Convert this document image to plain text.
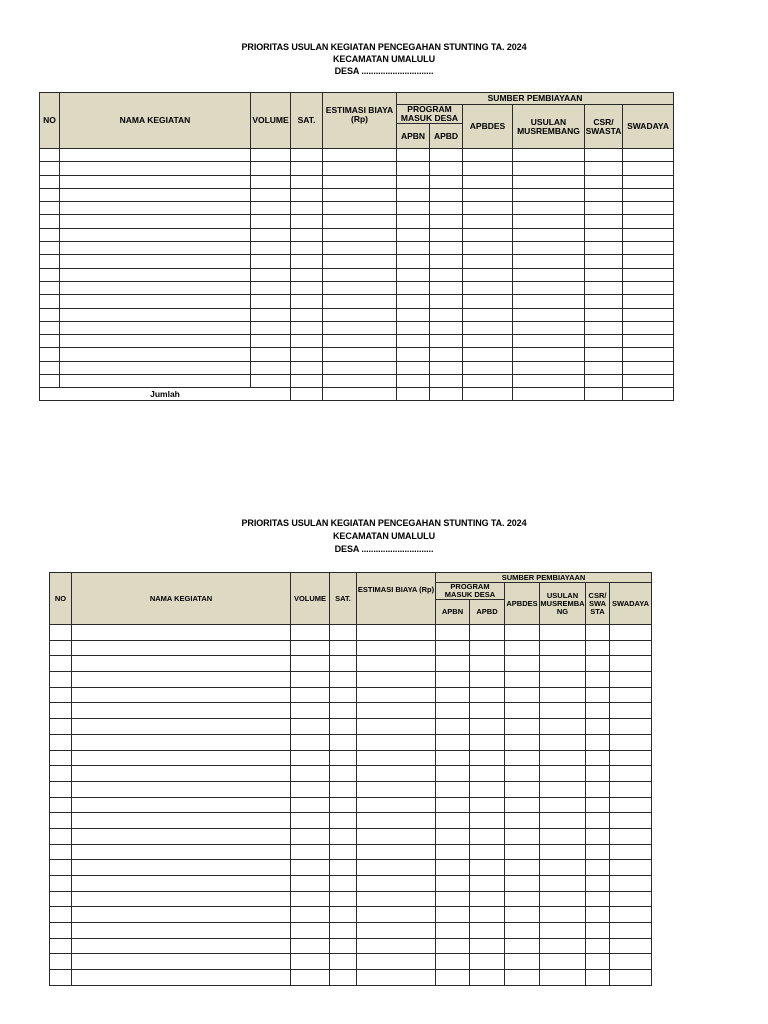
PRIORITAS USULAN KEGIATAN PENCEGAHAN STUNTING TA. 2024
KECAMATAN UMALULU
DESA ..............................
NO	NAMA KEGIATAN	VOLUME	SAT.	ESTIMASI BIAYA (Rp)	SUMBER PEMBIAYAAN					
					PROGRAM MASUK DESA		APBDES	USULAN MUSREMBANG	CSR/ SWASTA	SWADAYA
					APBN	APBD				

Jumlah										
PRIORITAS USULAN KEGIATAN PENCEGAHAN STUNTING TA. 2024
KECAMATAN UMALULU
DESA ..............................
NO	NAMA KEGIATAN	VOLUME	SAT.	ESTIMASI BIAYA (Rp)	SUMBER PEMBIAYAAN					
					PROGRAM MASUK DESA		APBDES	USULAN MUSREMBA NG	CSR/ SWA STA	SWADAYA
					APBN	APBD				
